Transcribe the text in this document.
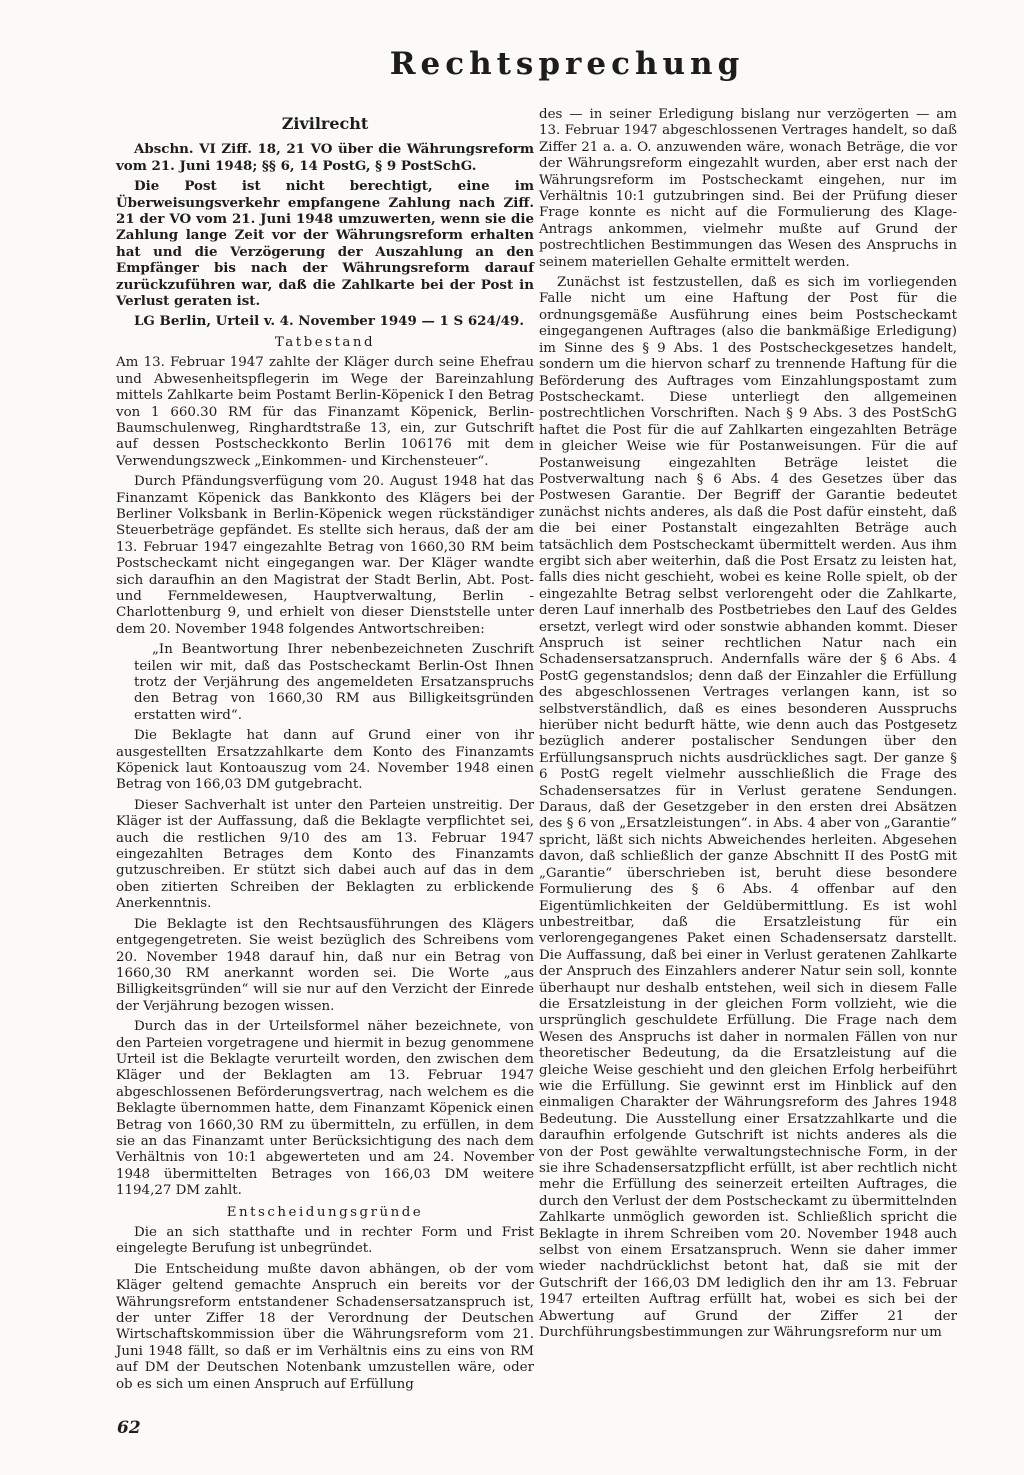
Rechtsprechung
Zivilrecht

Abschn. VI Ziff. 18, 21 VO über die Währungsreform vom 21. Juni 1948; §§ 6, 14 PostG, § 9 PostSchG.

Die Post ist nicht berechtigt, eine im Überweisungsverkehr empfangene Zahlung nach Ziff. 21 der VO vom 21. Juni 1948 umzuwerten, wenn sie die Zahlung lange Zeit vor der Währungsreform erhalten hat und die Verzögerung der Auszahlung an den Empfänger bis nach der Währungsreform darauf zurückzuführen war, daß die Zahlkarte bei der Post in Verlust geraten ist.

LG Berlin, Urteil v. 4. November 1949 — 1 S 624/49.

Tatbestand

Am 13. Februar 1947 zahlte der Kläger durch seine Ehefrau und Abwesenheitspflegerin im Wege der Bareinzahlung mittels Zahlkarte beim Postamt Berlin-Köpenick I den Betrag von 1 660.30 RM für das Finanzamt Köpenick, Berlin-Baumschulenweg, Ringhardtstraße 13, ein, zur Gutschrift auf dessen Postscheckkonto Berlin 106176 mit dem Verwendungszweck „Einkommen- und Kirchensteuer“.

Durch Pfändungsverfügung vom 20. August 1948 hat das Finanzamt Köpenick das Bankkonto des Klägers bei der Berliner Volksbank in Berlin-Köpenick wegen rückständiger Steuerbeträge gepfändet. Es stellte sich heraus, daß der am 13. Februar 1947 eingezahlte Betrag von 1660,30 RM beim Postscheckamt nicht eingegangen war. Der Kläger wandte sich daraufhin an den Magistrat der Stadt Berlin, Abt. Post- und Fernmeldewesen, Hauptverwaltung, Berlin - Charlottenburg 9, und erhielt von dieser Dienststelle unter dem 20. November 1948 folgendes Antwortschreiben:

„In Beantwortung Ihrer nebenbezeichneten Zuschrift teilen wir mit, daß das Postscheckamt Berlin-Ost Ihnen trotz der Verjährung des angemeldeten Ersatzanspruchs den Betrag von 1660,30 RM aus Billigkeitsgründen erstatten wird“.

Die Beklagte hat dann auf Grund einer von ihr ausgestellten Ersatzzahlkarte dem Konto des Finanzamts Köpenick laut Kontoauszug vom 24. November 1948 einen Betrag von 166,03 DM gutgebracht.

Dieser Sachverhalt ist unter den Parteien unstreitig. Der Kläger ist der Auffassung, daß die Beklagte verpflichtet sei, auch die restlichen 9/10 des am 13. Februar 1947 eingezahlten Betrages dem Konto des Finanzamts gutzuschreiben. Er stützt sich dabei auch auf das in dem oben zitierten Schreiben der Beklagten zu erblickende Anerkenntnis.

Die Beklagte ist den Rechtsausführungen des Klägers entgegengetreten. Sie weist bezüglich des Schreibens vom 20. November 1948 darauf hin, daß nur ein Betrag von 1660,30 RM anerkannt worden sei. Die Worte „aus Billigkeitsgründen“ will sie nur auf den Verzicht der Einrede der Verjährung bezogen wissen.

Durch das in der Urteilsformel näher bezeichnete, von den Parteien vorgetragene und hiermit in bezug genommene Urteil ist die Beklagte verurteilt worden, den zwischen dem Kläger und der Beklagten am 13. Februar 1947 abgeschlossenen Beförderungsvertrag, nach welchem es die Beklagte übernommen hatte, dem Finanzamt Köpenick einen Betrag von 1660,30 RM zu übermitteln, zu erfüllen, in dem sie an das Finanzamt unter Berücksichtigung des nach dem Verhältnis von 10:1 abgewerteten und am 24. November 1948 übermittelten Betrages von 166,03 DM weitere 1194,27 DM zahlt.

Entscheidungsgründe

Die an sich statthafte und in rechter Form und Frist eingelegte Berufung ist unbegründet.

Die Entscheidung mußte davon abhängen, ob der vom Kläger geltend gemachte Anspruch ein bereits vor der Währungsreform entstandener Schadensersatzanspruch ist, der unter Ziffer 18 der Verordnung der Deutschen Wirtschaftskommission über die Währungsreform vom 21. Juni 1948 fällt, so daß er im Verhältnis eins zu eins von RM auf DM der Deutschen Notenbank umzustellen wäre, oder ob es sich um einen Anspruch auf Erfüllung

des — in seiner Erledigung bislang nur verzögerten — am 13. Februar 1947 abgeschlossenen Vertrages handelt, so daß Ziffer 21 a. a. O. anzuwenden wäre, wonach Beträge, die vor der Währungsreform eingezahlt wurden, aber erst nach der Währungsreform im Postscheckamt eingehen, nur im Verhältnis 10:1 gutzubringen sind. Bei der Prüfung dieser Frage konnte es nicht auf die Formulierung des Klage-Antrags ankommen, vielmehr mußte auf Grund der postrechtlichen Bestimmungen das Wesen des Anspruchs in seinem materiellen Gehalte ermittelt werden.

Zunächst ist festzustellen, daß es sich im vorliegenden Falle nicht um eine Haftung der Post für die ordnungsgemäße Ausführung eines beim Postscheckamt eingegangenen Auftrages (also die bankmäßige Erledigung) im Sinne des § 9 Abs. 1 des Postscheckgesetzes handelt, sondern um die hiervon scharf zu trennende Haftung für die Beförderung des Auftrages vom Einzahlungspostamt zum Postscheckamt. Diese unterliegt den allgemeinen postrechtlichen Vorschriften. Nach § 9 Abs. 3 des PostSchG haftet die Post für die auf Zahlkarten eingezahlten Beträge in gleicher Weise wie für Postanweisungen. Für die auf Postanweisung eingezahlten Beträge leistet die Postverwaltung nach § 6 Abs. 4 des Gesetzes über das Postwesen Garantie. Der Begriff der Garantie bedeutet zunächst nichts anderes, als daß die Post dafür einsteht, daß die bei einer Postanstalt eingezahlten Beträge auch tatsächlich dem Postscheckamt übermittelt werden. Aus ihm ergibt sich aber weiterhin, daß die Post Ersatz zu leisten hat, falls dies nicht geschieht, wobei es keine Rolle spielt, ob der eingezahlte Betrag selbst verlorengeht oder die Zahlkarte, deren Lauf innerhalb des Postbetriebes den Lauf des Geldes ersetzt, verlegt wird oder sonstwie abhanden kommt. Dieser Anspruch ist seiner rechtlichen Natur nach ein Schadensersatzanspruch. Andernfalls wäre der § 6 Abs. 4 PostG gegenstandslos; denn daß der Einzahler die Erfüllung des abgeschlossenen Vertrages verlangen kann, ist so selbstverständlich, daß es eines besonderen Ausspruchs hierüber nicht bedurft hätte, wie denn auch das Postgesetz bezüglich anderer postalischer Sendungen über den Erfüllungsanspruch nichts ausdrückliches sagt. Der ganze § 6 PostG regelt vielmehr ausschließlich die Frage des Schadensersatzes für in Verlust geratene Sendungen. Daraus, daß der Gesetzgeber in den ersten drei Absätzen des § 6 von „Ersatzleistungen“. in Abs. 4 aber von „Garantie“ spricht, läßt sich nichts Abweichendes herleiten. Abgesehen davon, daß schließlich der ganze Abschnitt II des PostG mit „Garantie“ überschrieben ist, beruht diese besondere Formulierung des § 6 Abs. 4 offenbar auf den Eigentümlichkeiten der Geldübermittlung. Es ist wohl unbestreitbar, daß die Ersatzleistung für ein verlorengegangenes Paket einen Schadensersatz darstellt. Die Auffassung, daß bei einer in Verlust geratenen Zahlkarte der Anspruch des Einzahlers anderer Natur sein soll, konnte überhaupt nur deshalb entstehen, weil sich in diesem Falle die Ersatzleistung in der gleichen Form vollzieht, wie die ursprünglich geschuldete Erfüllung. Die Frage nach dem Wesen des Anspruchs ist daher in normalen Fällen von nur theoretischer Bedeutung, da die Ersatzleistung auf die gleiche Weise geschieht und den gleichen Erfolg herbeiführt wie die Erfüllung. Sie gewinnt erst im Hinblick auf den einmaligen Charakter der Währungsreform des Jahres 1948 Bedeutung. Die Ausstellung einer Ersatzzahlkarte und die daraufhin erfolgende Gutschrift ist nichts anderes als die von der Post gewählte verwaltungstechnische Form, in der sie ihre Schadensersatzpflicht erfüllt, ist aber rechtlich nicht mehr die Erfüllung des seinerzeit erteilten Auftrages, die durch den Verlust der dem Postscheckamt zu übermittelnden Zahlkarte unmöglich geworden ist. Schließlich spricht die Beklagte in ihrem Schreiben vom 20. November 1948 auch selbst von einem Ersatzanspruch. Wenn sie daher immer wieder nachdrücklichst betont hat, daß sie mit der Gutschrift der 166,03 DM lediglich den ihr am 13. Februar 1947 erteilten Auftrag erfüllt hat, wobei es sich bei der Abwertung auf Grund der Ziffer 21 der Durchführungsbestimmungen zur Währungsreform nur um

62
